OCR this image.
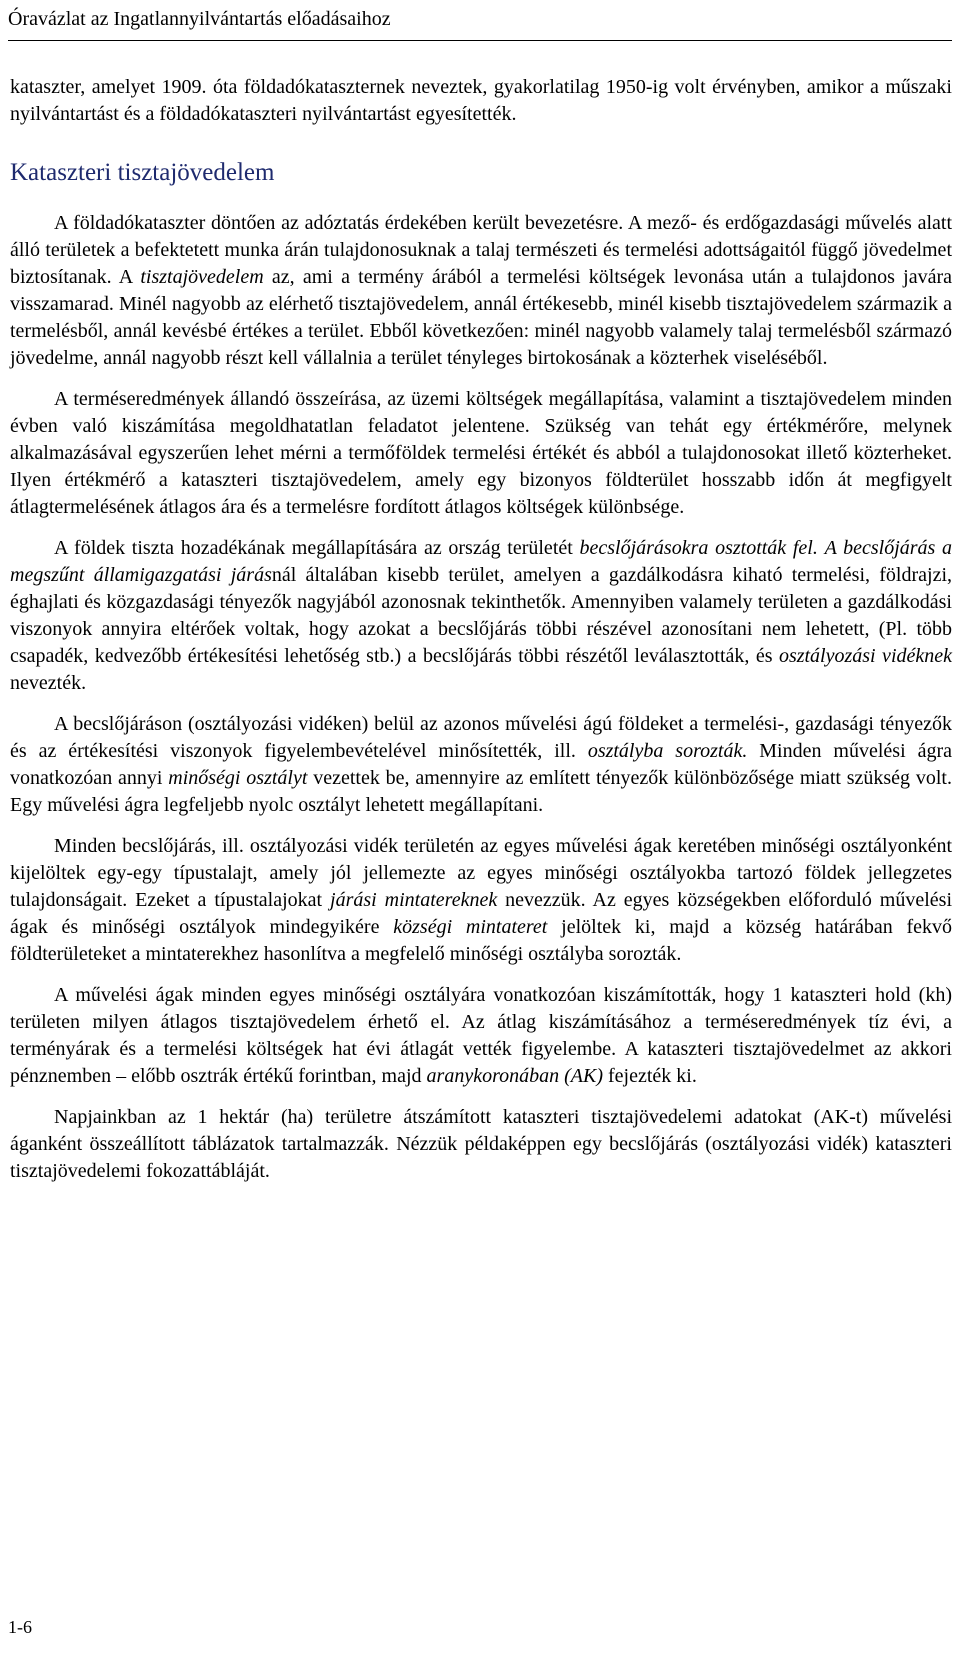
Óravázlat az Ingatlannyilvántartás előadásaihoz

kataszter, amelyet 1909. óta földadókataszternek neveztek, gyakorlatilag 1950-ig volt érvényben, amikor a műszaki nyilvántartást és a földadókataszteri nyilvántartást egyesítették.

Kataszteri tisztajövedelem

A földadókataszter döntően az adóztatás érdekében került bevezetésre. A mező- és erdőgazdasági művelés alatt álló területek a befektetett munka árán tulajdonosuknak a talaj természeti és termelési adottságaitól függő jövedelmet biztosítanak. A tisztajövedelem az, ami a termény árából a termelési költségek levonása után a tulajdonos javára visszamarad. Minél nagyobb az elérhető tisztajövedelem, annál értékesebb, minél kisebb tisztajövedelem származik a termelésből, annál kevésbé értékes a terület. Ebből következően: minél nagyobb valamely talaj termelésből származó jövedelme, annál nagyobb részt kell vállalnia a terület tényleges birtokosának a közterhek viseléséből.

A terméseredmények állandó összeírása, az üzemi költségek megállapítása, valamint a tisztajövedelem minden évben való kiszámítása megoldhatatlan feladatot jelentene. Szükség van tehát egy értékmérőre, melynek alkalmazásával egyszerűen lehet mérni a termőföldek termelési értékét és abból a tulajdonosokat illető közterheket. Ilyen értékmérő a kataszteri tisztajövedelem, amely egy bizonyos földterület hosszabb időn át megfigyelt átlagtermelésének átlagos ára és a termelésre fordított átlagos költségek különbsége.

A földek tiszta hozadékának megállapítására az ország területét becslőjárásokra osztották fel. A becslőjárás a megszűnt államigazgatási járásnál általában kisebb terület, amelyen a gazdálkodásra kiható termelési, földrajzi, éghajlati és közgazdasági tényezők nagyjából azonosnak tekinthetők. Amennyiben valamely területen a gazdálkodási viszonyok annyira eltérőek voltak, hogy azokat a becslőjárás többi részével azonosítani nem lehetett, (Pl. több csapadék, kedvezőbb értékesítési lehetőség stb.) a becslőjárás többi részétől leválasztották, és osztályozási vidéknek nevezték.

A becslőjáráson (osztályozási vidéken) belül az azonos művelési ágú földeket a termelési-, gazdasági tényezők és az értékesítési viszonyok figyelembevételével minősítették, ill. osztályba sorozták. Minden művelési ágra vonatkozóan annyi minőségi osztályt vezettek be, amennyire az említett tényezők különbözősége miatt szükség volt. Egy művelési ágra legfeljebb nyolc osztályt lehetett megállapítani.

Minden becslőjárás, ill. osztályozási vidék területén az egyes művelési ágak keretében minőségi osztályonként kijelöltek egy-egy típustalajt, amely jól jellemezte az egyes minőségi osztályokba tartozó földek jellegzetes tulajdonságait. Ezeket a típustalajokat járási mintatereknek nevezzük. Az egyes községekben előforduló művelési ágak és minőségi osztályok mindegyikére községi mintateret jelöltek ki, majd a község határában fekvő földterületeket a mintaterekhez hasonlítva a megfelelő minőségi osztályba sorozták.

A művelési ágak minden egyes minőségi osztályára vonatkozóan kiszámították, hogy 1 kataszteri hold (kh) területen milyen átlagos tisztajövedelem érhető el. Az átlag kiszámításához a terméseredmények tíz évi, a terményárak és a termelési költségek hat évi átlagát vették figyelembe. A kataszteri tisztajövedelmet az akkori pénznemben – előbb osztrák értékű forintban, majd aranykoronában (AK) fejezték ki.

Napjainkban az 1 hektár (ha) területre átszámított kataszteri tisztajövedelemi adatokat (AK-t) művelési áganként összeállított táblázatok tartalmazzák. Nézzük példaképpen egy becslőjárás (osztályozási vidék) kataszteri tisztajövedelemi fokozattábláját.

1-6
